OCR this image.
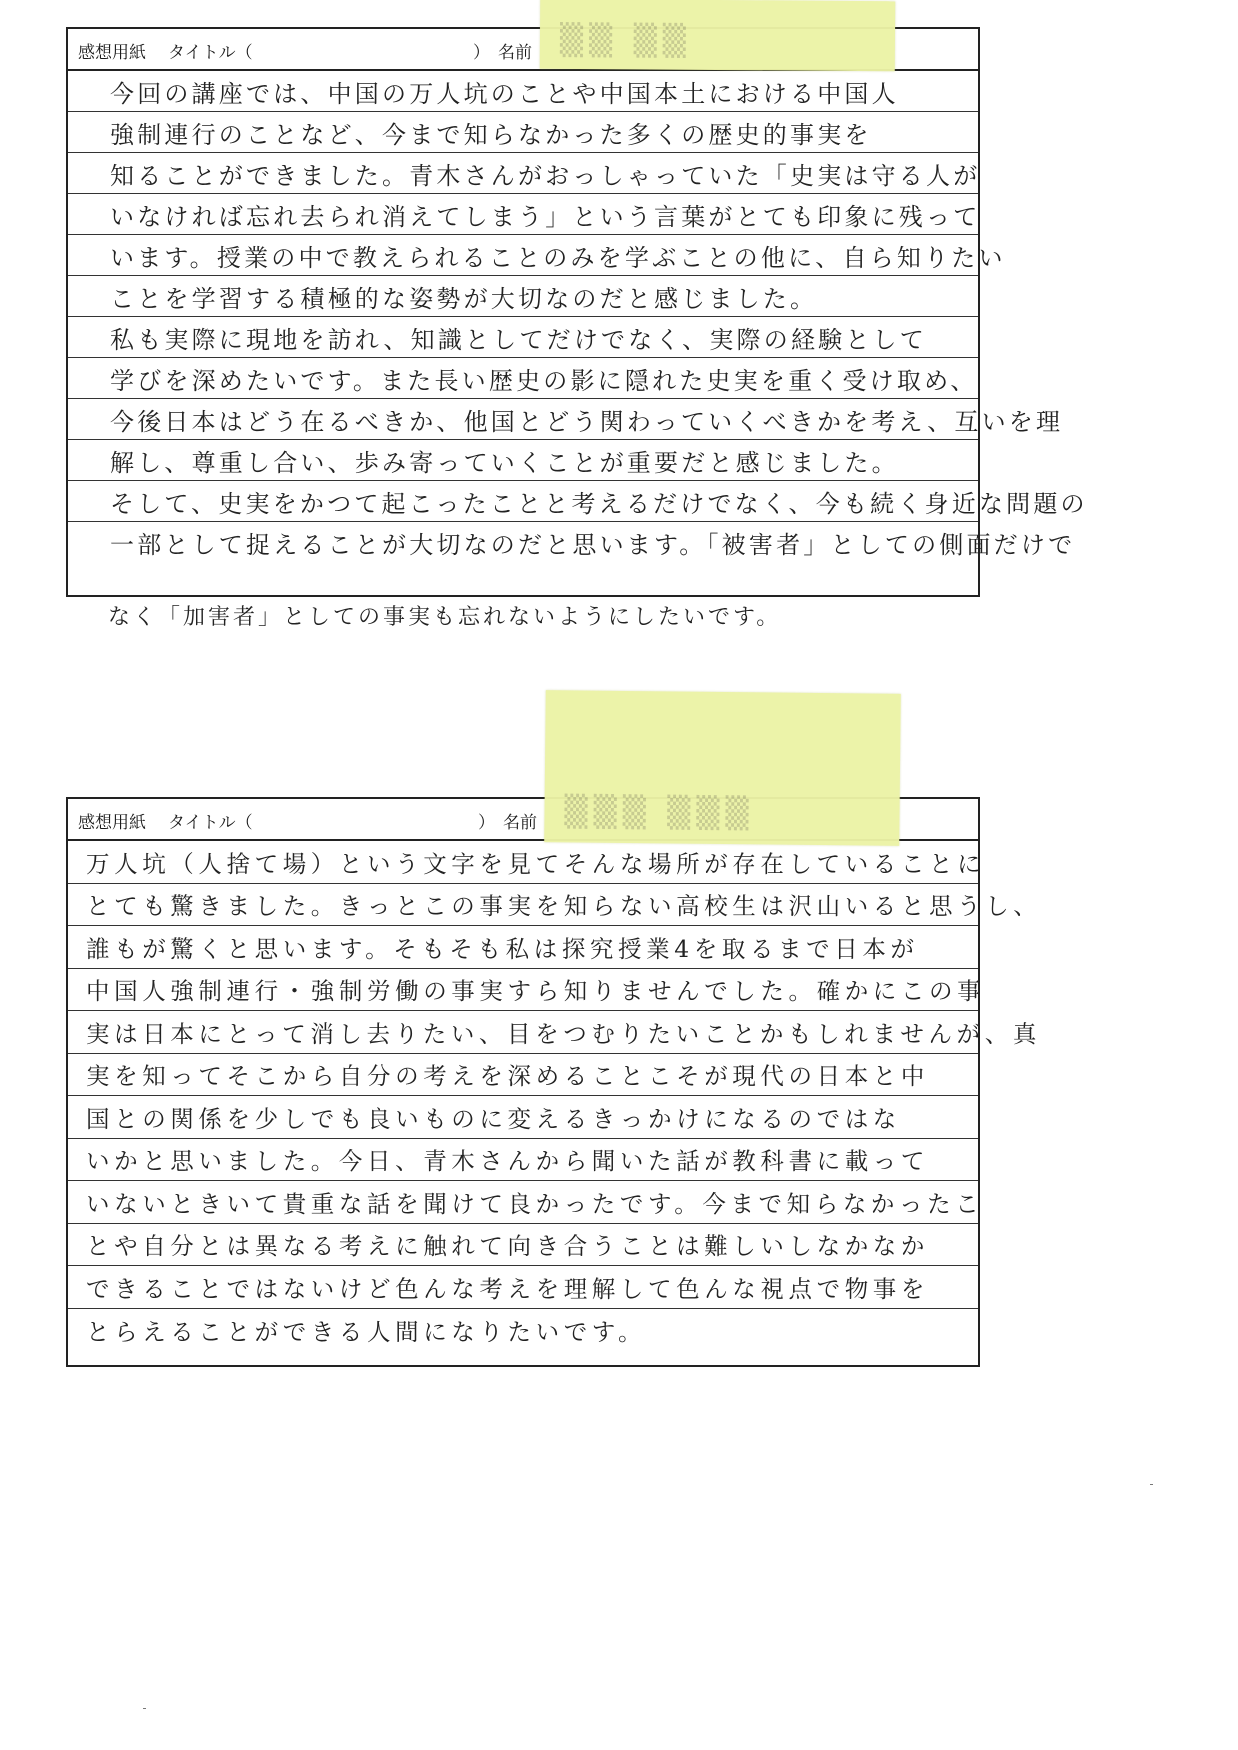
感想用紙 タイトル（	） 名前
今回の講座では、中国の万人坑のことや中国本土における中国人
強制連行のことなど、今まで知らなかった多くの歴史的事実を
知ることができました。青木さんがおっしゃっていた「史実は守る人が
いなければ忘れ去られ消えてしまう」という言葉がとても印象に残って
います。授業の中で教えられることのみを学ぶことの他に、自ら知りたい
ことを学習する積極的な姿勢が大切なのだと感じました。
私も実際に現地を訪れ、知識としてだけでなく、実際の経験として
学びを深めたいです。また長い歴史の影に隠れた史実を重く受け取め、
今後日本はどう在るべきか、他国とどう関わっていくべきかを考え、互いを理
解し、尊重し合い、歩み寄っていくことが重要だと感じました。
そして、史実をかつて起こったことと考えるだけでなく、今も続く身近な問題の
一部として捉えることが大切なのだと思います。「被害者」としての側面だけで
なく「加害者」としての事実も忘れないようにしたいです。
感想用紙 タイトル（	） 名前
万人坑（人捨て場）という文字を見てそんな場所が存在していることに
とても驚きました。きっとこの事実を知らない高校生は沢山いると思うし、
誰もが驚くと思います。そもそも私は探究授業4を取るまで日本が
中国人強制連行・強制労働の事実すら知りませんでした。確かにこの事
実は日本にとって消し去りたい、目をつむりたいことかもしれませんが、真
実を知ってそこから自分の考えを深めることこそが現代の日本と中
国との関係を少しでも良いものに変えるきっかけになるのではな
いかと思いました。今日、青木さんから聞いた話が教科書に載って
いないときいて貴重な話を聞けて良かったです。今まで知らなかったこ
とや自分とは異なる考えに触れて向き合うことは難しいしなかなか
できることではないけど色んな考えを理解して色んな視点で物事を
とらえることができる人間になりたいです。
▒▒ ▒▒
▒▒▒ ▒▒▒
